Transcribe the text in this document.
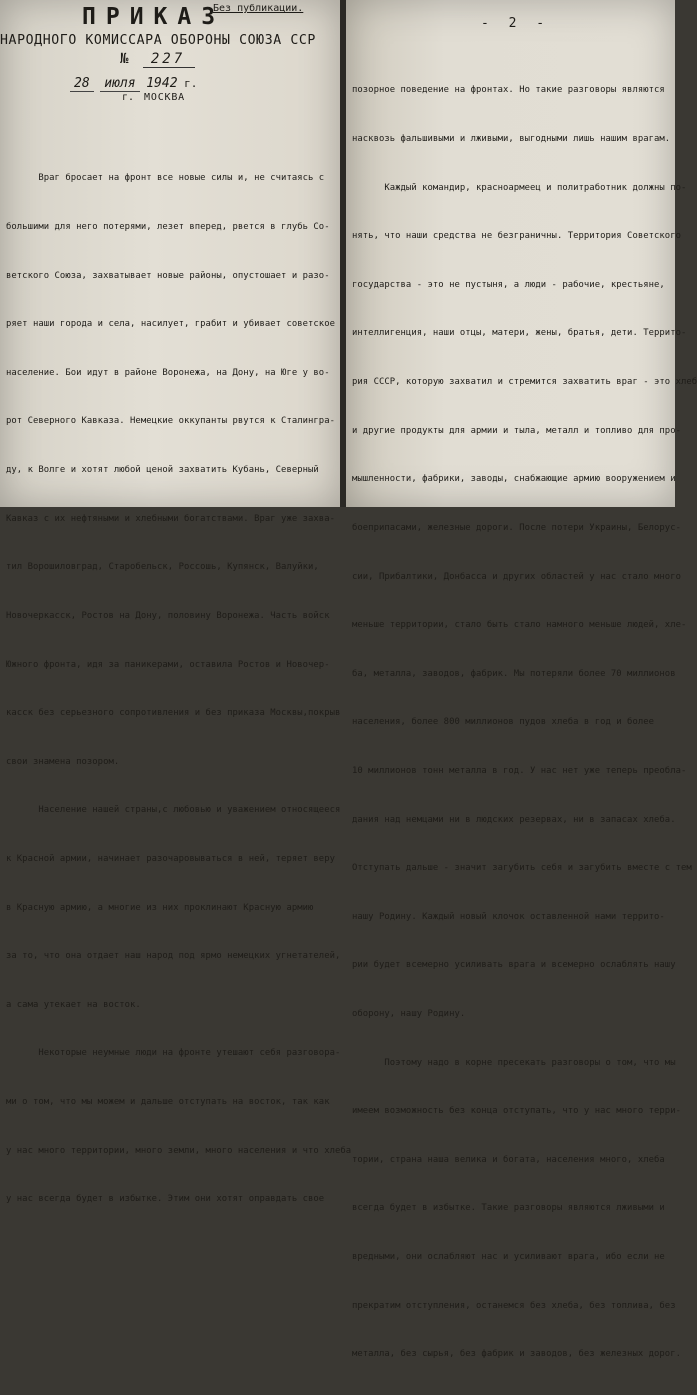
ПРИКАЗ
Без публикации.
НАРОДНОГО КОМИССАРА ОБОРОНЫ СОЮЗА ССР
№ 227
28 июля 1942 г.
г. МОСКВА

Враг бросает на фронт все новые силы и, не считаясь с

большими для него потерями, лезет вперед, рвется в глубь Со-

ветского Союза, захватывает новые районы, опустошает и разо-

ряет наши города и села, насилует, грабит и убивает советское

население. Бои идут в районе Воронежа, на Дону, на Юге у во-

рот Северного Кавказа. Немецкие оккупанты рвутся к Сталингра-

ду, к Волге и хотят любой ценой захватить Кубань, Северный

Кавказ с их нефтяными и хлебными богатствами. Враг уже захва-

тил Ворошиловград, Старобельск, Россошь, Купянск, Валуйки,

Новочеркасск, Ростов на Дону, половину Воронежа. Часть войск

Южного фронта, идя за паникерами, оставила Ростов и Новочер-

касск без серьезного сопротивления и без приказа Москвы,покрыв

свои знамена позором.

Население нашей страны,с любовью и уважением относящееся

к Красной армии, начинает разочаровываться в ней, теряет веру

в Красную армию, а многие из них проклинают Красную армию

за то, что она отдает наш народ под ярмо немецких угнетателей,

а сама утекает на восток.

Некоторые неумные люди на фронте утешают себя разговора-

ми о том, что мы можем и дальше отступать на восток, так как

у нас много территории, много земли, много населения и что хлеба

у нас всегда будет в избытке. Этим они хотят оправдать свое

- 2 -

позорное поведение на фронтах. Но такие разговоры являются

насквозь фальшивыми и лживыми, выгодными лишь нашим врагам.

Каждый командир, красноармеец и политработник должны по-

нять, что наши средства не безграничны. Территория Советского

государства - это не пустыня, а люди - рабочие, крестьяне,

интеллигенция, наши отцы, матери, жены, братья, дети. Террито-

рия СССР, которую захватил и стремится захватить враг - это хлеб

и другие продукты для армии и тыла, металл и топливо для про-

мышленности, фабрики, заводы, снабжающие армию вооружением и

боеприпасами, железные дороги. После потери Украины, Белорус-

сии, Прибалтики, Донбасса и других областей у нас стало много

меньше территории, стало быть стало намного меньше людей, хле-

ба, металла, заводов, фабрик. Мы потеряли более 70 миллионов

населения, более 800 миллионов пудов хлеба в год и более

10 миллионов тонн металла в год. У нас нет уже теперь преобла-

дания над немцами ни в людских резервах, ни в запасах хлеба.

Отступать дальше - значит загубить себя и загубить вместе с тем

нашу Родину. Каждый новый клочок оставленной нами террито-

рии будет всемерно усиливать врага и всемерно ослаблять нашу

оборону, нашу Родину.

Поэтому надо в корне пресекать разговоры о том, что мы

имеем возможность без конца отступать, что у нас много терри-

тории, страна наша велика и богата, населения много, хлеба

всегда будет в избытке. Такие разговоры являются лживыми и

вредными, они ослабляют нас и усиливают врага, ибо если не

прекратим отступления, останемся без хлеба, без топлива, без

металла, без сырья, без фабрик и заводов, без железных дорог.
